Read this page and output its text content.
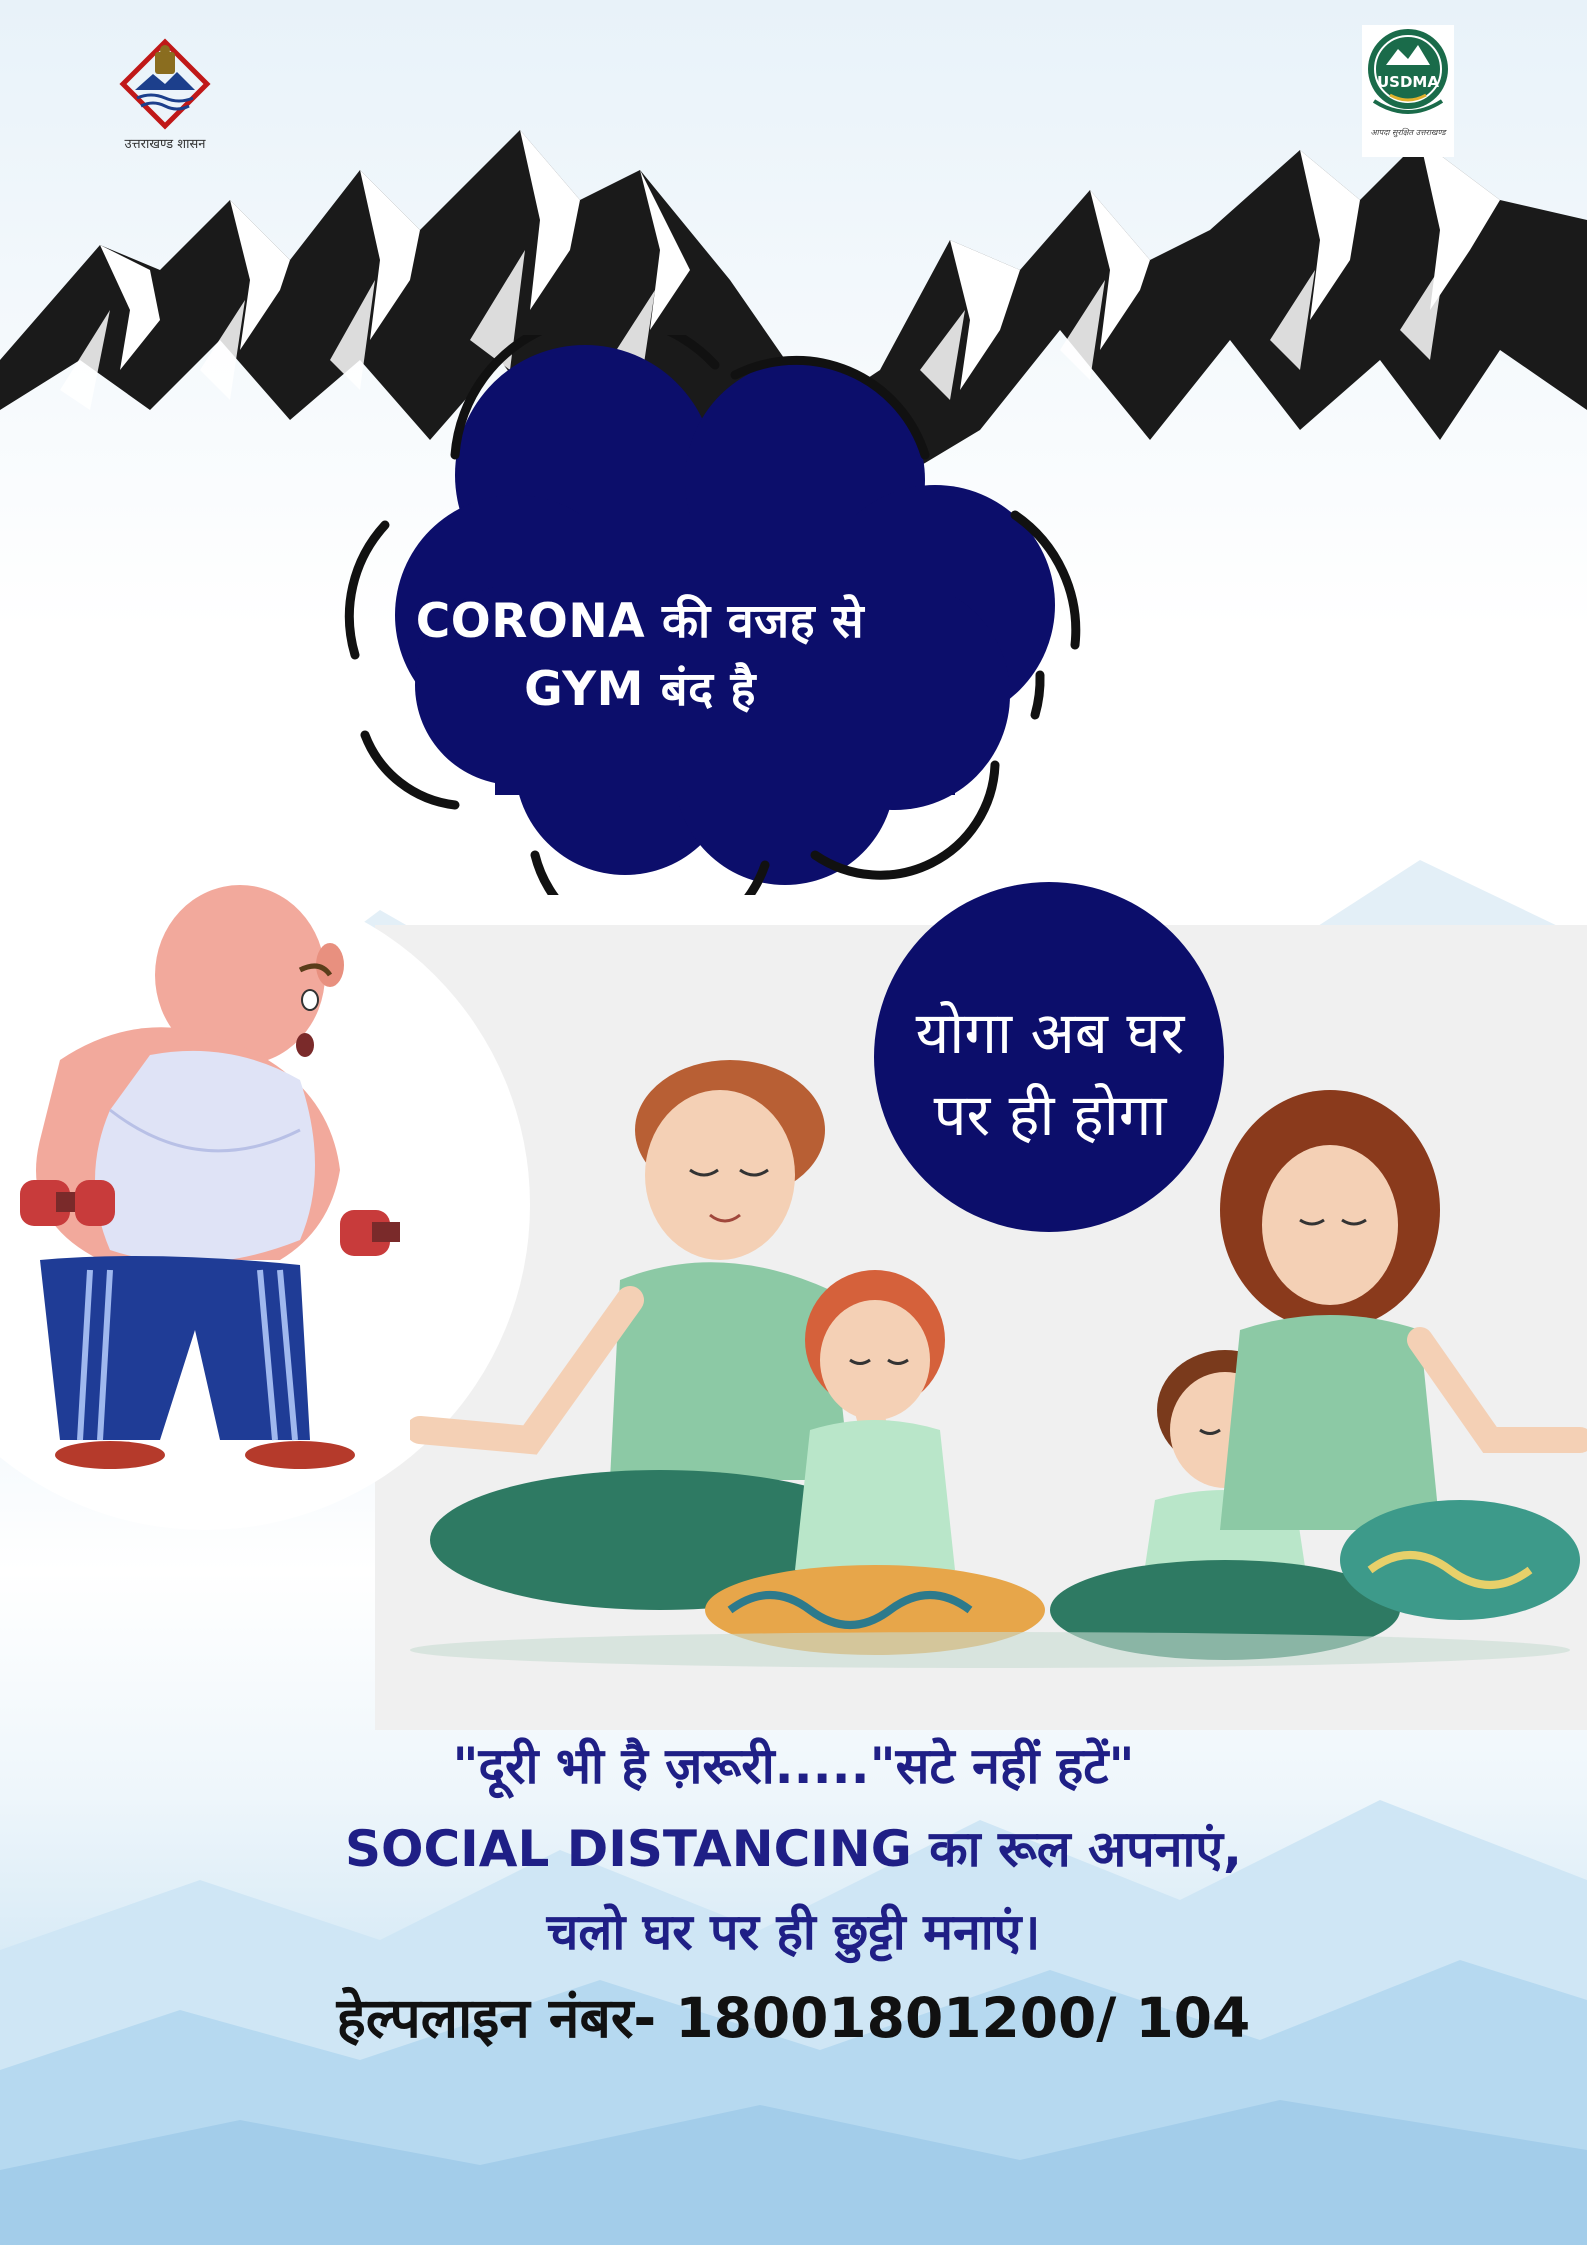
उत्तराखण्ड शासन
USDMA
आपदा सुरक्षित उत्तराखण्ड
CORONA की वजह से
GYM बंद है
योगा अब घर
पर ही होगा
"दूरी भी है ज़रूरी....."सटे नहीं हटें"
SOCIAL DISTANCING का रूल अपनाएं,
चलो घर पर ही छुट्टी मनाएं।
हेल्पलाइन नंबर- 18001801200/ 104
